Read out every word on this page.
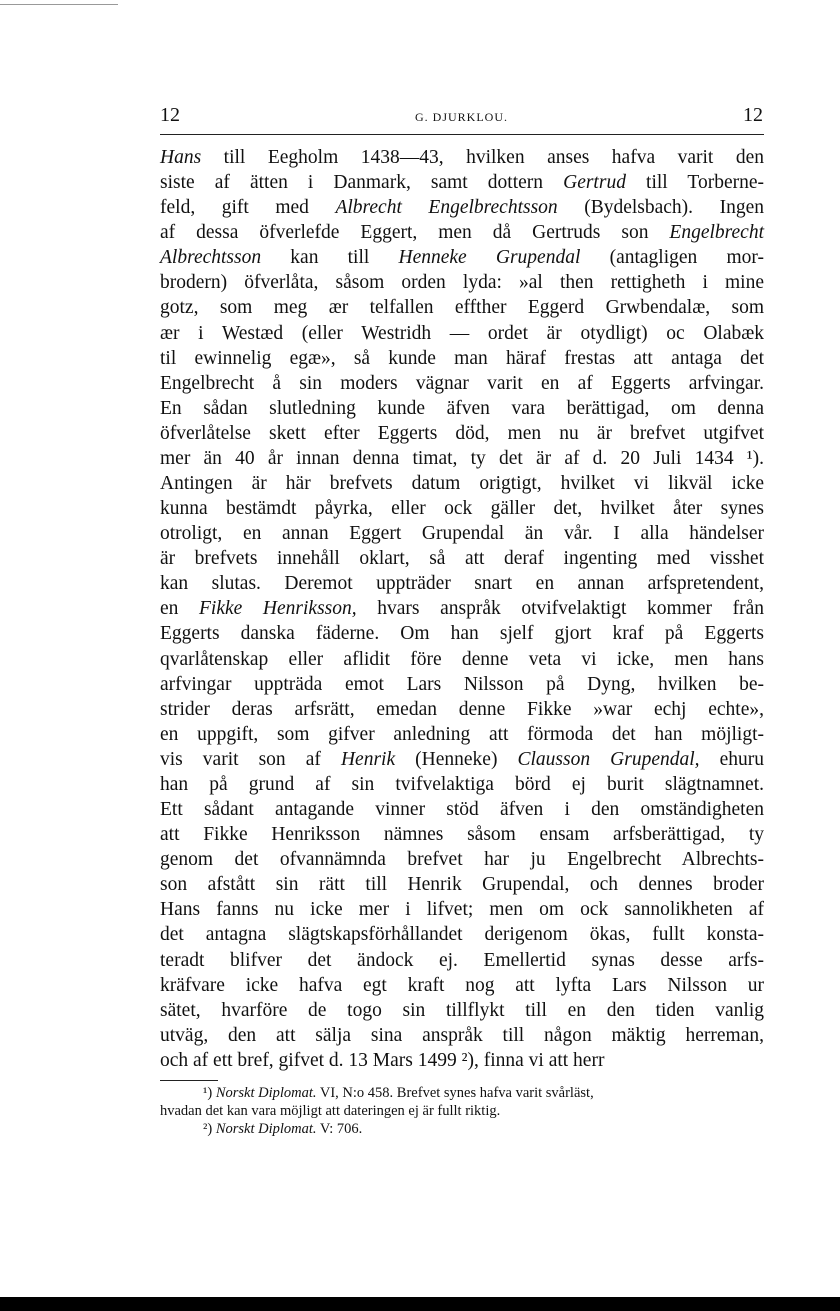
12	G. DJURKLOU.	12
Hans till Eegholm 1438—43, hvilken anses hafva varit den
siste af ätten i Danmark, samt dottern Gertrud till Torberne-
feld, gift med Albrecht Engelbrechtsson (Bydelsbach). Ingen
af dessa öfverlefde Eggert, men då Gertruds son Engelbrecht
Albrechtsson kan till Henneke Grupendal (antagligen mor-
brodern) öfverlåta, såsom orden lyda: »al then rettigheth i mine
gotz, som meg ær telfallen effther Eggerd Grwbendalæ, som
ær i Westæd (eller Westridh — ordet är otydligt) oc Olabæk
til ewinnelig egæ», så kunde man häraf frestas att antaga det
Engelbrecht å sin moders vägnar varit en af Eggerts arfvingar.
En sådan slutledning kunde äfven vara berättigad, om denna
öfverlåtelse skett efter Eggerts död, men nu är brefvet utgifvet
mer än 40 år innan denna timat, ty det är af d. 20 Juli 1434 ¹).
Antingen är här brefvets datum origtigt, hvilket vi likväl icke
kunna bestämdt påyrka, eller ock gäller det, hvilket åter synes
otroligt, en annan Eggert Grupendal än vår. I alla händelser
är brefvets innehåll oklart, så att deraf ingenting med visshet
kan slutas. Deremot uppträder snart en annan arfspretendent,
en Fikke Henriksson, hvars anspråk otvifvelaktigt kommer från
Eggerts danska fäderne. Om han sjelf gjort kraf på Eggerts
qvarlåtenskap eller aflidit före denne veta vi icke, men hans
arfvingar uppträda emot Lars Nilsson på Dyng, hvilken be-
strider deras arfsrätt, emedan denne Fikke »war echj echte»,
en uppgift, som gifver anledning att förmoda det han möjligt-
vis varit son af Henrik (Henneke) Clausson Grupendal, ehuru
han på grund af sin tvifvelaktiga börd ej burit slägtnamnet.
Ett sådant antagande vinner stöd äfven i den omständigheten
att Fikke Henriksson nämnes såsom ensam arfsberättigad, ty
genom det ofvannämnda brefvet har ju Engelbrecht Albrechts-
son afstått sin rätt till Henrik Grupendal, och dennes broder
Hans fanns nu icke mer i lifvet; men om ock sannolikheten af
det antagna slägtskapsförhållandet derigenom ökas, fullt konsta-
teradt blifver det ändock ej. Emellertid synas desse arfs-
kräfvare icke hafva egt kraft nog att lyfta Lars Nilsson ur
sätet, hvarföre de togo sin tillflykt till en den tiden vanlig
utväg, den att sälja sina anspråk till någon mäktig herreman,
och af ett bref, gifvet d. 13 Mars 1499 ²), finna vi att herr
¹) Norskt Diplomat. VI, N:o 458. Brefvet synes hafva varit svårläst,
hvadan det kan vara möjligt att dateringen ej är fullt riktig.
²) Norskt Diplomat. V: 706.
